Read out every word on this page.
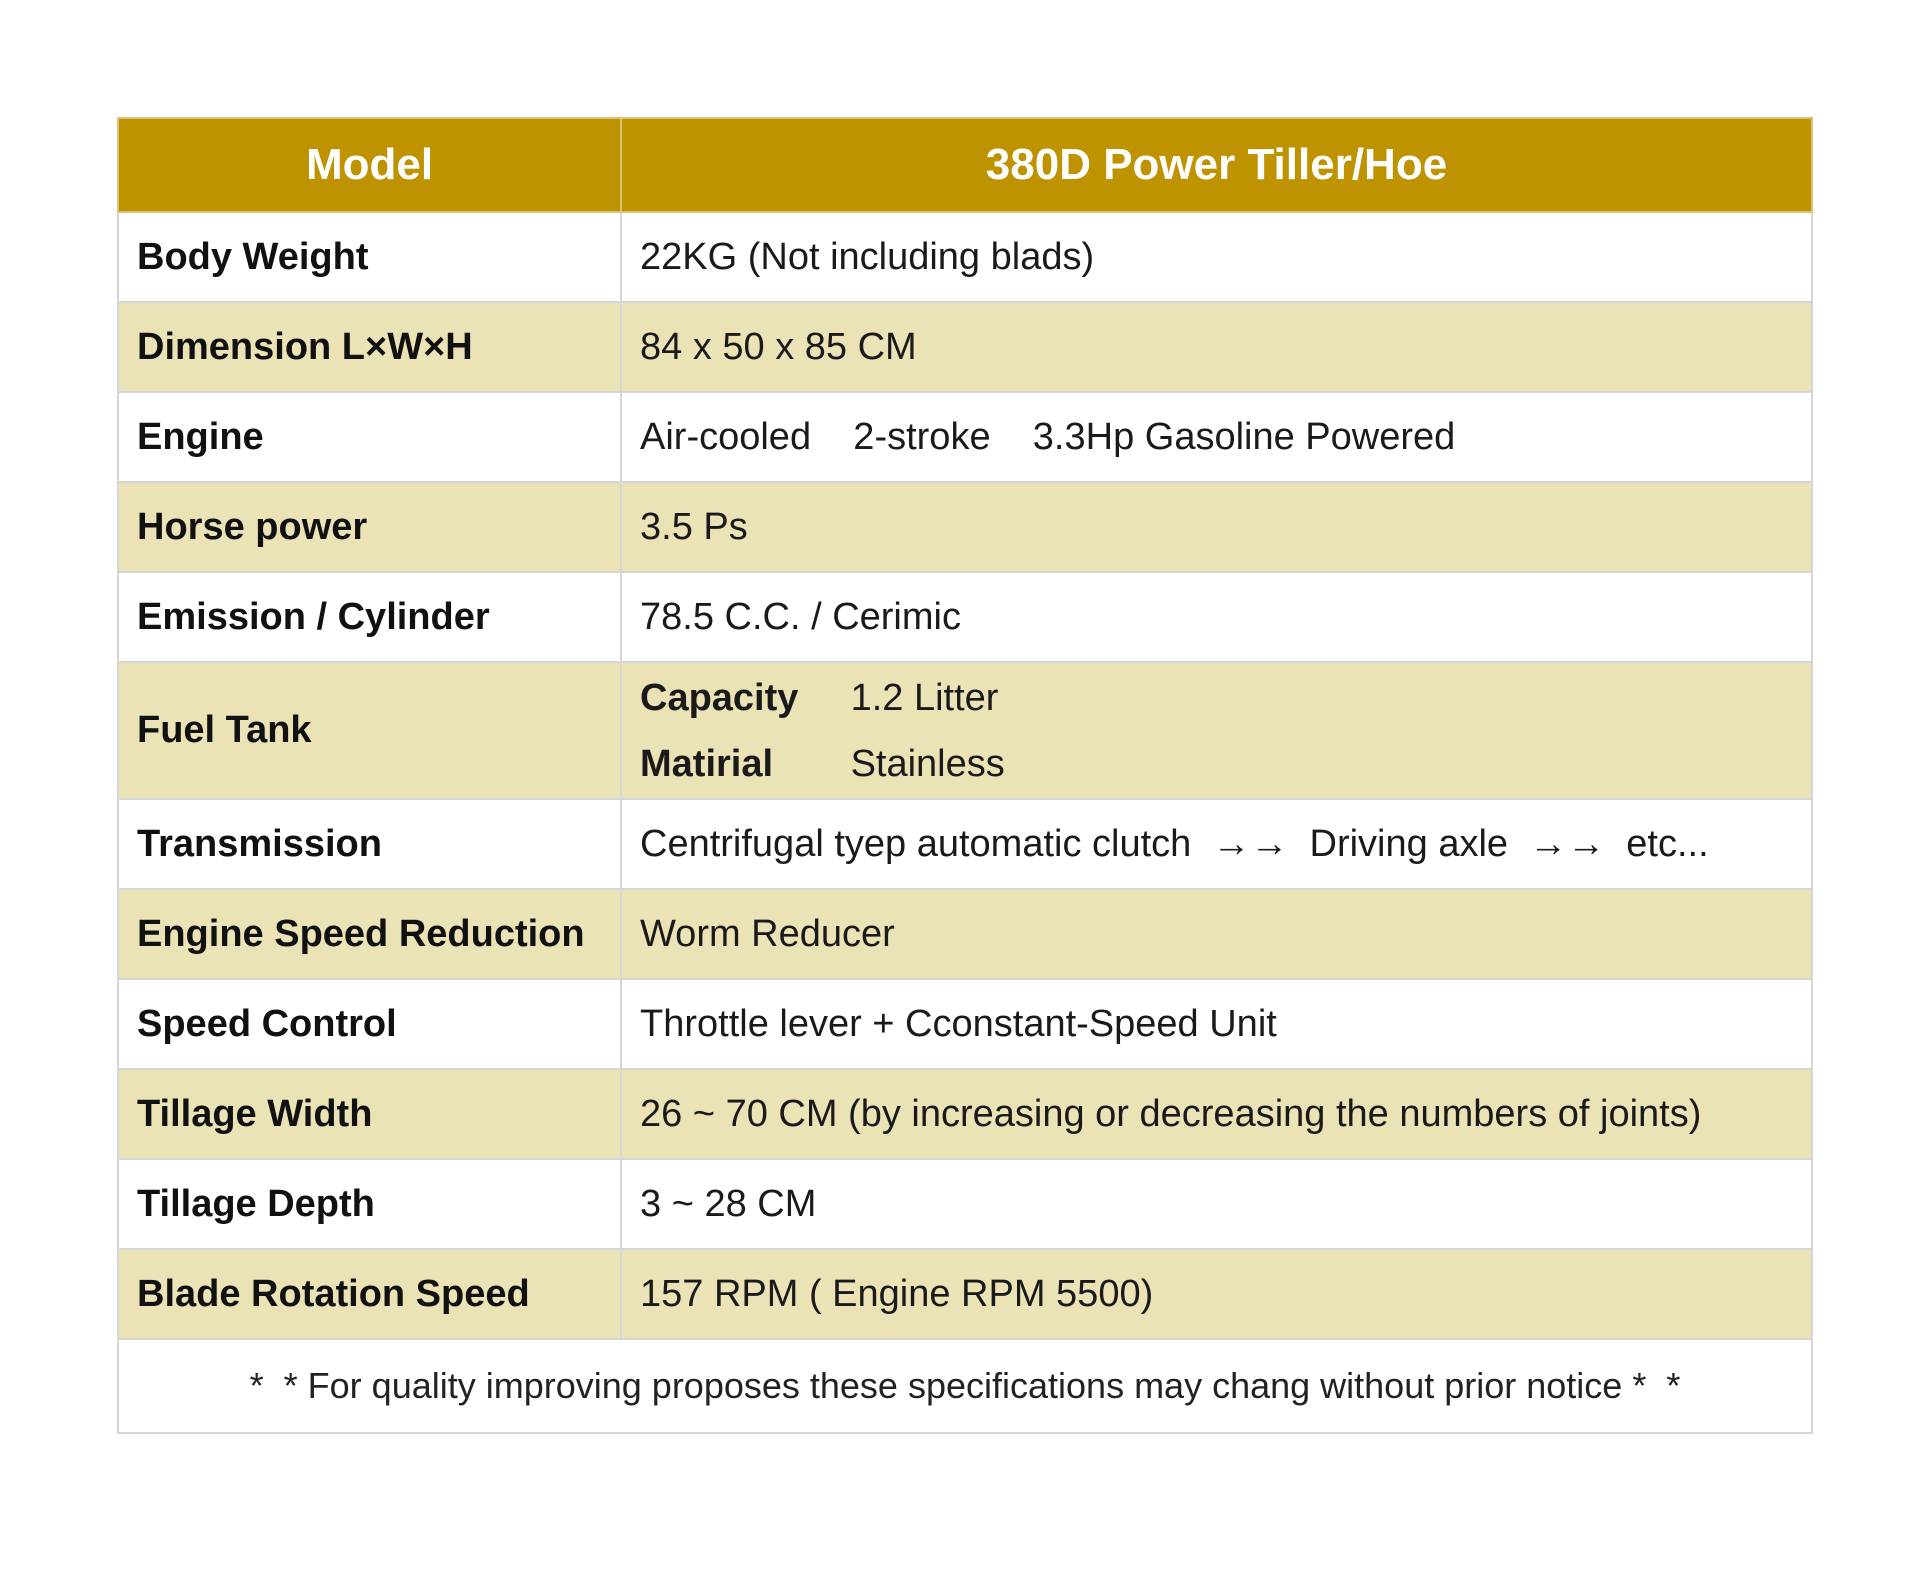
Model	380D Power Tiller/Hoe
Body Weight	22KG (Not including blads)
Dimension L×W×H	84 x 50 x 85 CM
Engine	Air-cooled    2-stroke    3.3Hp Gasoline Powered
Horse power	3.5 Ps
Emission / Cylinder	78.5 C.C. / Cerimic
Fuel Tank	Capacity 1.2 Litter
Matirial Stainless

Transmission	Centrifugal tyep automatic clutch  →→  Driving axle  →→  etc...
Engine Speed Reduction	Worm Reducer
Speed Control	Throttle lever + Cconstant-Speed Unit
Tillage Width	26 ~ 70 CM (by increasing or decreasing the numbers of joints)
Tillage Depth	3 ~ 28 CM
Blade Rotation Speed	157 RPM ( Engine RPM 5500)
*  * For quality improving proposes these specifications may chang without prior notice *  *	
